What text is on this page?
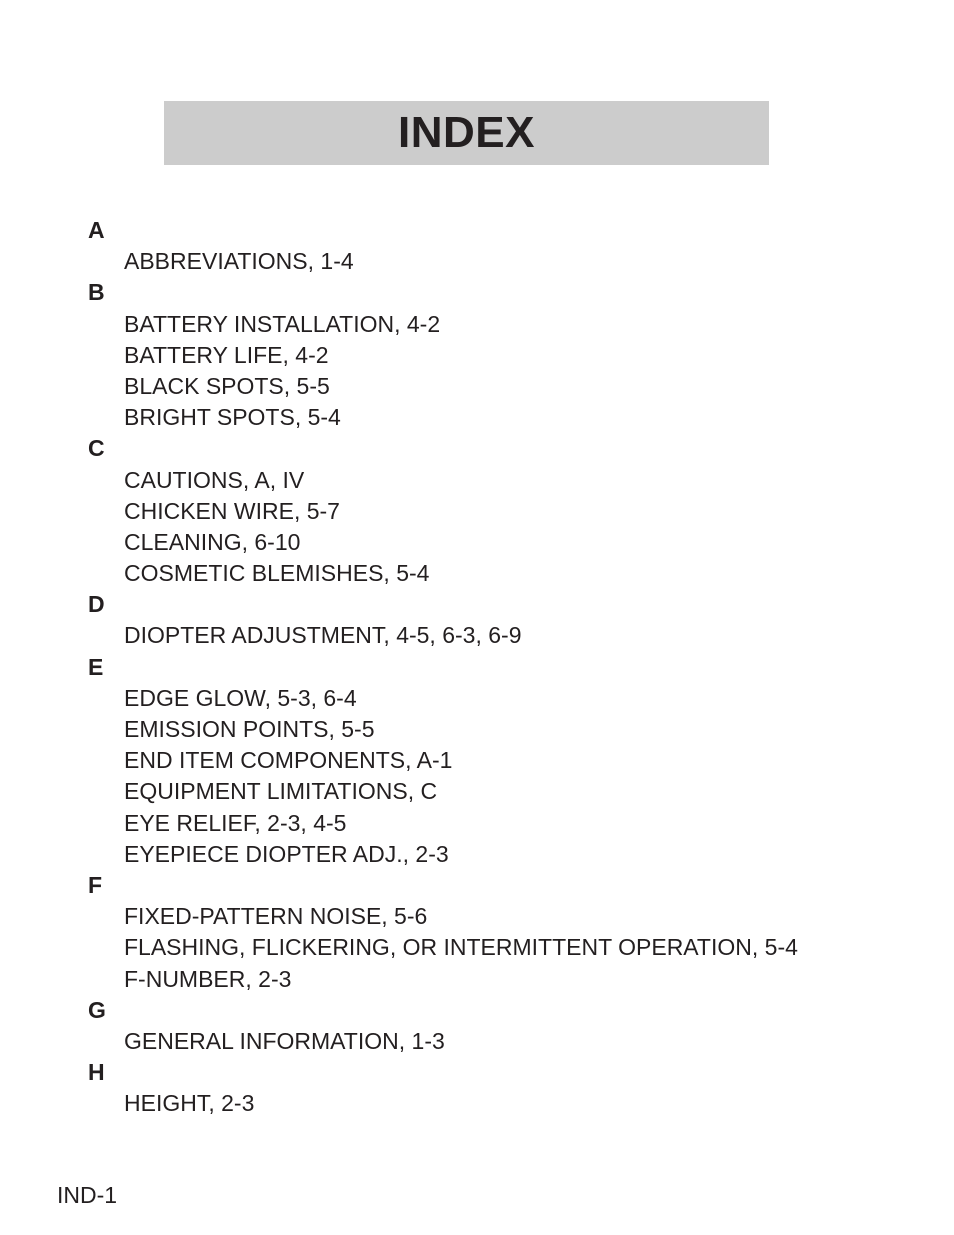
INDEX
A
ABBREVIATIONS, 1-4
B
BATTERY INSTALLATION, 4-2
BATTERY LIFE, 4-2
BLACK SPOTS, 5-5
BRIGHT SPOTS, 5-4
C
CAUTIONS, A, IV
CHICKEN WIRE, 5-7
CLEANING, 6-10
COSMETIC BLEMISHES, 5-4
D
DIOPTER ADJUSTMENT, 4-5, 6-3, 6-9
E
EDGE GLOW, 5-3, 6-4
EMISSION POINTS, 5-5
END ITEM COMPONENTS, A-1
EQUIPMENT LIMITATIONS, C
EYE RELIEF, 2-3, 4-5
EYEPIECE DIOPTER ADJ., 2-3
F
FIXED-PATTERN NOISE, 5-6
FLASHING, FLICKERING, OR INTERMITTENT OPERATION, 5-4
F-NUMBER, 2-3
G
GENERAL INFORMATION, 1-3
H
HEIGHT, 2-3
IND-1
